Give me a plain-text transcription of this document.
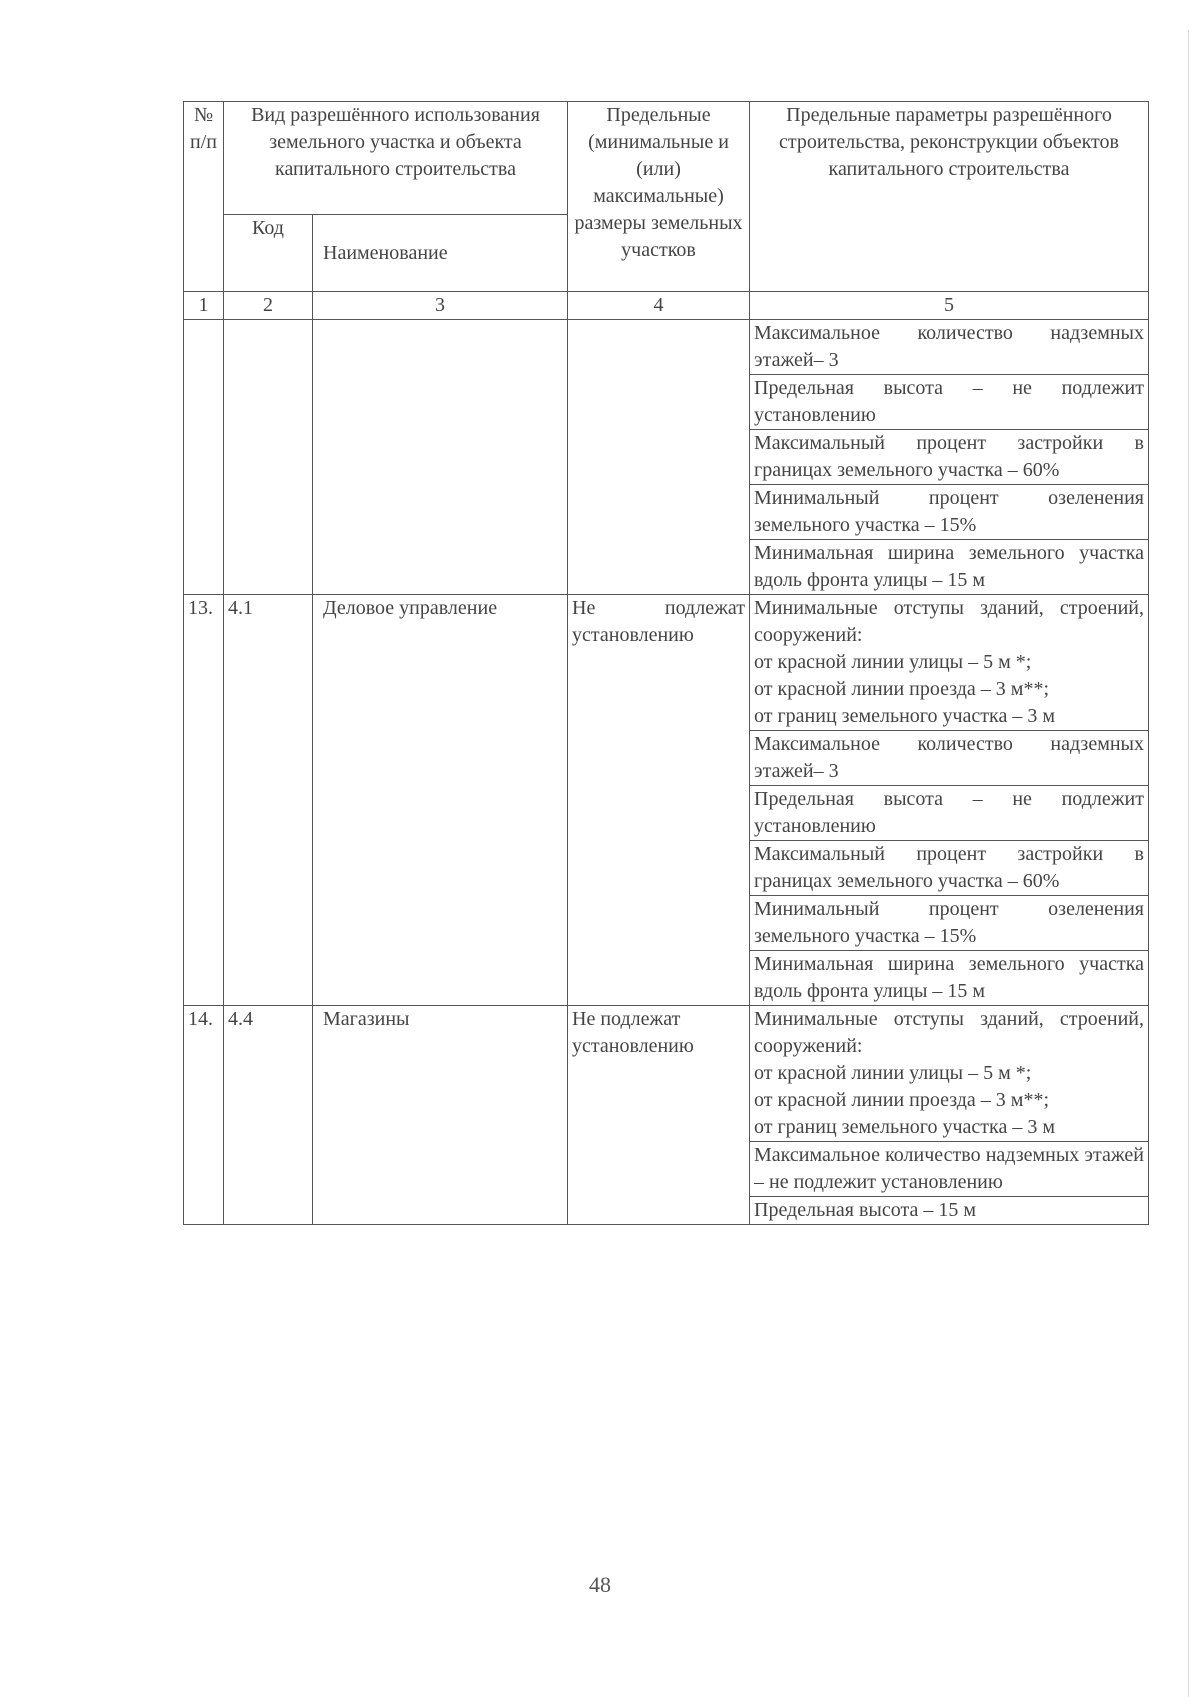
№ п/п	Вид разрешённого использования земельного участка и объекта капитального строительства		Предельные (минимальные и (или) максимальные) размеры земельных участков	Предельные параметры разрешённого строительства, реконструкции объектов капитального строительства
	Код	Наименование		
1	2	3	4	5
				Максимальное количество надземных этажей– 3
				Предельная высота – не подлежит установлению
				Максимальный процент застройки в границах земельного участка – 60%
				Минимальный процент озеленения земельного участка – 15%
				Минимальная ширина земельного участка вдоль фронта улицы – 15 м
13.	4.1	Деловое управление	Не подлежат установлению	Минимальные отступы зданий, строений, сооружений:
от красной линии улицы – 5 м *;
от красной линии проезда – 3 м**;
от границ земельного участка – 3 м

				Максимальное количество надземных этажей– 3
				Предельная высота – не подлежит установлению
				Максимальный процент застройки в границах земельного участка – 60%
				Минимальный процент озеленения земельного участка – 15%
				Минимальная ширина земельного участка вдоль фронта улицы – 15 м
14.	4.4	Магазины	Не подлежат установлению	Минимальные отступы зданий, строений, сооружений:
от красной линии улицы – 5 м *;
от красной линии проезда – 3 м**;
от границ земельного участка – 3 м

				Максимальное количество надземных этажей – не подлежит установлению
				Предельная высота – 15 м
48
